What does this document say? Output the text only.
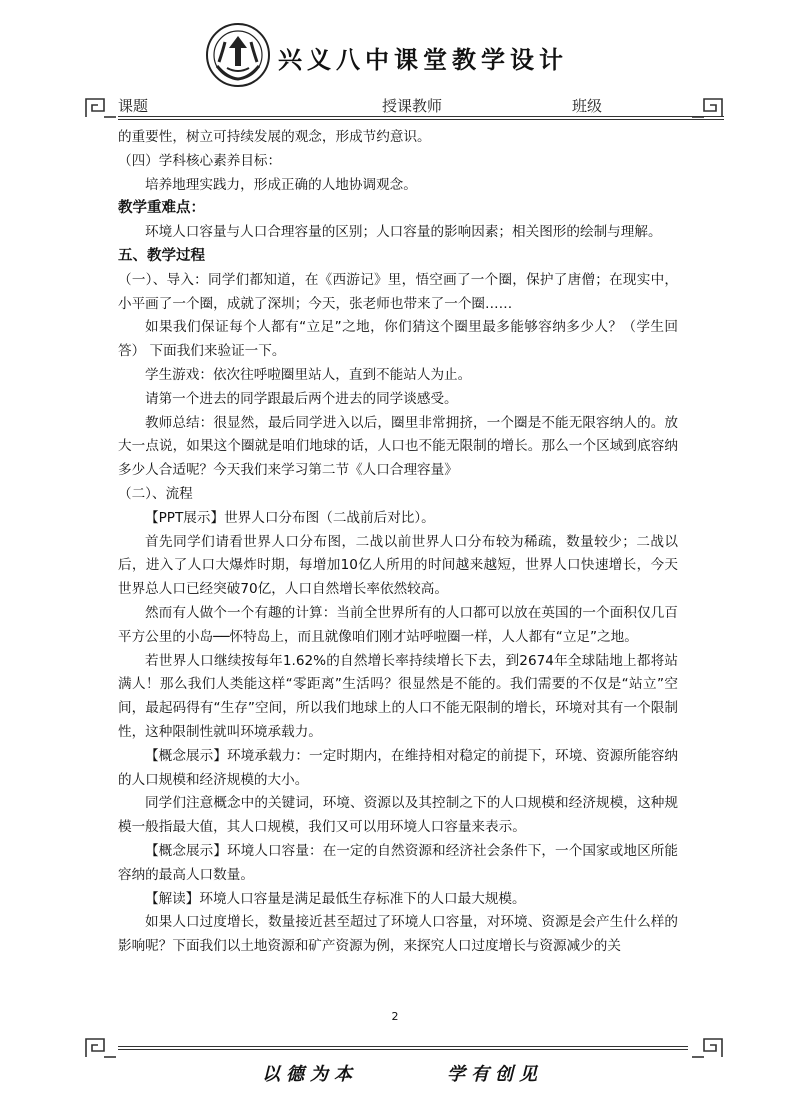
兴义八中课堂教学设计
课题	授课教师	班级

的重要性，树立可持续发展的观念，形成节约意识。

（四）学科核心素养目标：

培养地理实践力，形成正确的人地协调观念。

教学重难点：

环境人口容量与人口合理容量的区别；人口容量的影响因素；相关图形的绘制与理解。

五、教学过程

（一）、导入：同学们都知道，在《西游记》里，悟空画了一个圈，保护了唐僧；在现实中，小平画了一个圈，成就了深圳；今天，张老师也带来了一个圈……

如果我们保证每个人都有“立足”之地，你们猜这个圈里最多能够容纳多少人？（学生回答） 下面我们来验证一下。

学生游戏：依次往呼啦圈里站人，直到不能站人为止。

请第一个进去的同学跟最后两个进去的同学谈感受。

教师总结：很显然，最后同学进入以后，圈里非常拥挤，一个圈是不能无限容纳人的。放大一点说，如果这个圈就是咱们地球的话，人口也不能无限制的增长。那么一个区域到底容纳多少人合适呢？今天我们来学习第二节《人口合理容量》

（二）、流程

【PPT展示】世界人口分布图（二战前后对比）。

首先同学们请看世界人口分布图，二战以前世界人口分布较为稀疏，数量较少；二战以后，进入了人口大爆炸时期，每增加10亿人所用的时间越来越短，世界人口快速增长，今天世界总人口已经突破70亿，人口自然增长率依然较高。

然而有人做个一个有趣的计算：当前全世界所有的人口都可以放在英国的一个面积仅几百平方公里的小岛──怀特岛上，而且就像咱们刚才站呼啦圈一样，人人都有“立足”之地。

若世界人口继续按每年1.62%的自然增长率持续增长下去，到2674年全球陆地上都将站满人！那么我们人类能这样“零距离”生活吗？很显然是不能的。我们需要的不仅是“站立”空间，最起码得有“生存”空间，所以我们地球上的人口不能无限制的增长，环境对其有一个限制性，这种限制性就叫环境承载力。

【概念展示】环境承载力：一定时期内，在维持相对稳定的前提下，环境、资源所能容纳的人口规模和经济规模的大小。

同学们注意概念中的关键词，环境、资源以及其控制之下的人口规模和经济规模，这种规模一般指最大值，其人口规模，我们又可以用环境人口容量来表示。

【概念展示】环境人口容量：在一定的自然资源和经济社会条件下，一个国家或地区所能容纳的最高人口数量。

【解读】环境人口容量是满足最低生存标准下的人口最大规模。

如果人口过度增长，数量接近甚至超过了环境人口容量，对环境、资源是会产生什么样的影响呢？下面我们以土地资源和矿产资源为例，来探究人口过度增长与资源减少的关

2
以德为本	学有创见
